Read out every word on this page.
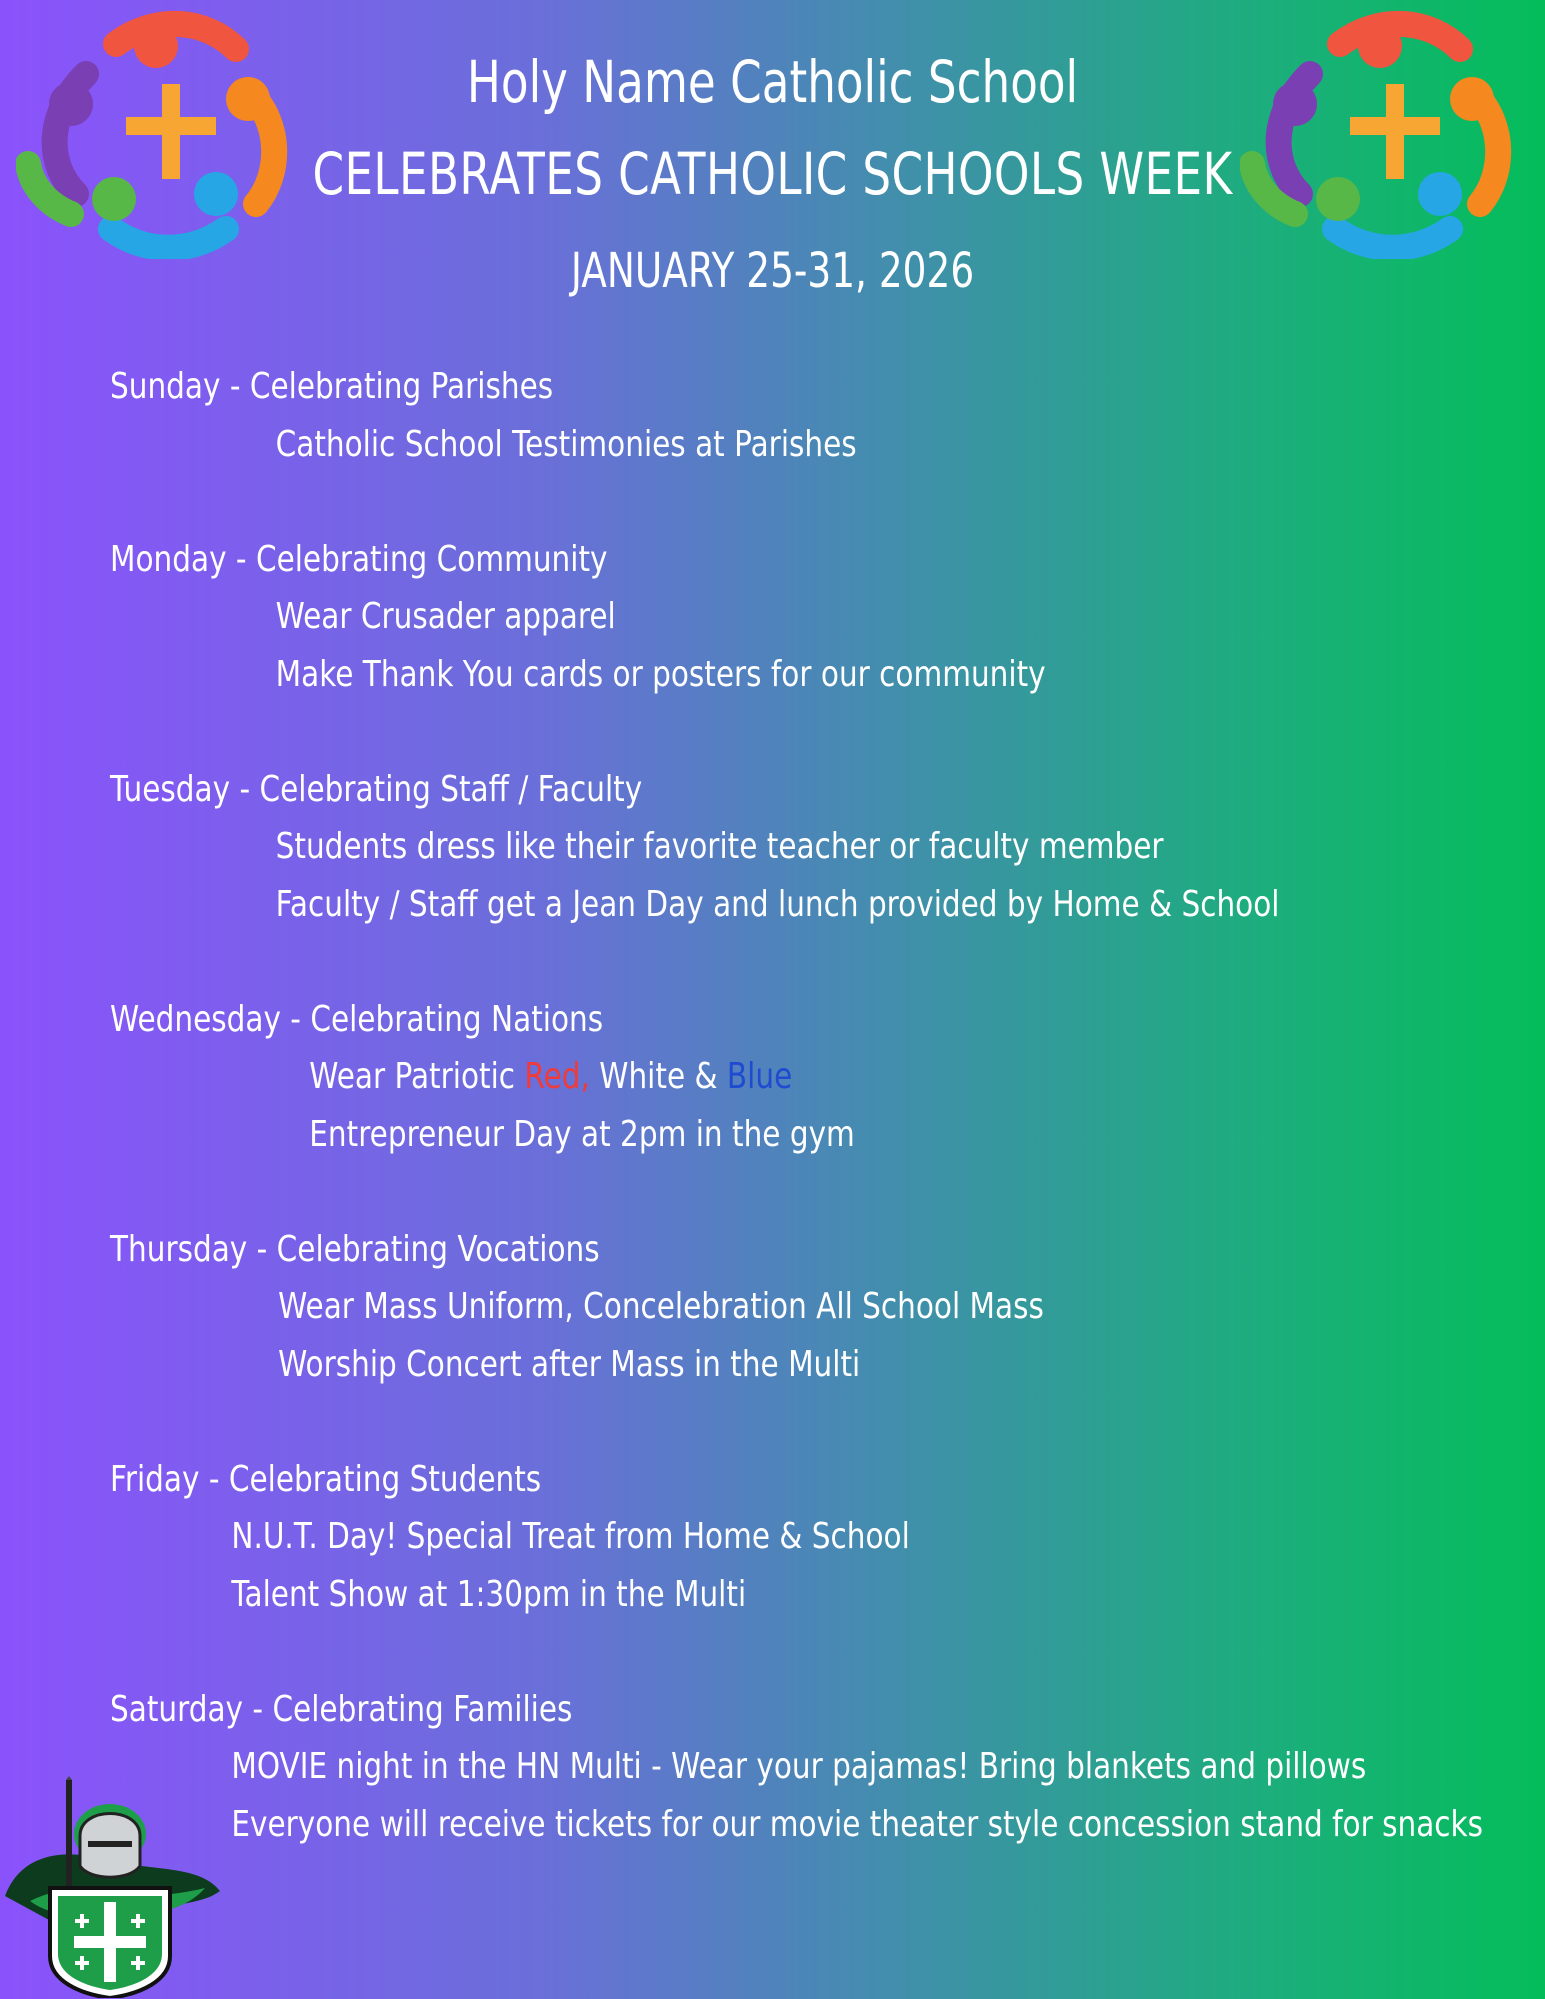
Holy Name Catholic School
CELEBRATES CATHOLIC SCHOOLS WEEK
JANUARY 25-31, 2026
Sunday - Celebrating Parishes
Catholic School Testimonies at Parishes
Monday - Celebrating Community
Wear Crusader apparel
Make Thank You cards or posters for our community
Tuesday - Celebrating Staff / Faculty
Students dress like their favorite teacher or faculty member
Faculty / Staff get a Jean Day and lunch provided by Home & School
Wednesday - Celebrating Nations
Wear Patriotic Red, White & Blue
Entrepreneur Day at 2pm in the gym
Thursday - Celebrating Vocations
Wear Mass Uniform, Concelebration All School Mass
Worship Concert after Mass in the Multi
Friday - Celebrating Students
N.U.T. Day! Special Treat from Home & School
Talent Show at 1:30pm in the Multi
Saturday - Celebrating Families
MOVIE night in the HN Multi - Wear your pajamas! Bring blankets and pillows
Everyone will receive tickets for our movie theater style concession stand for snacks
